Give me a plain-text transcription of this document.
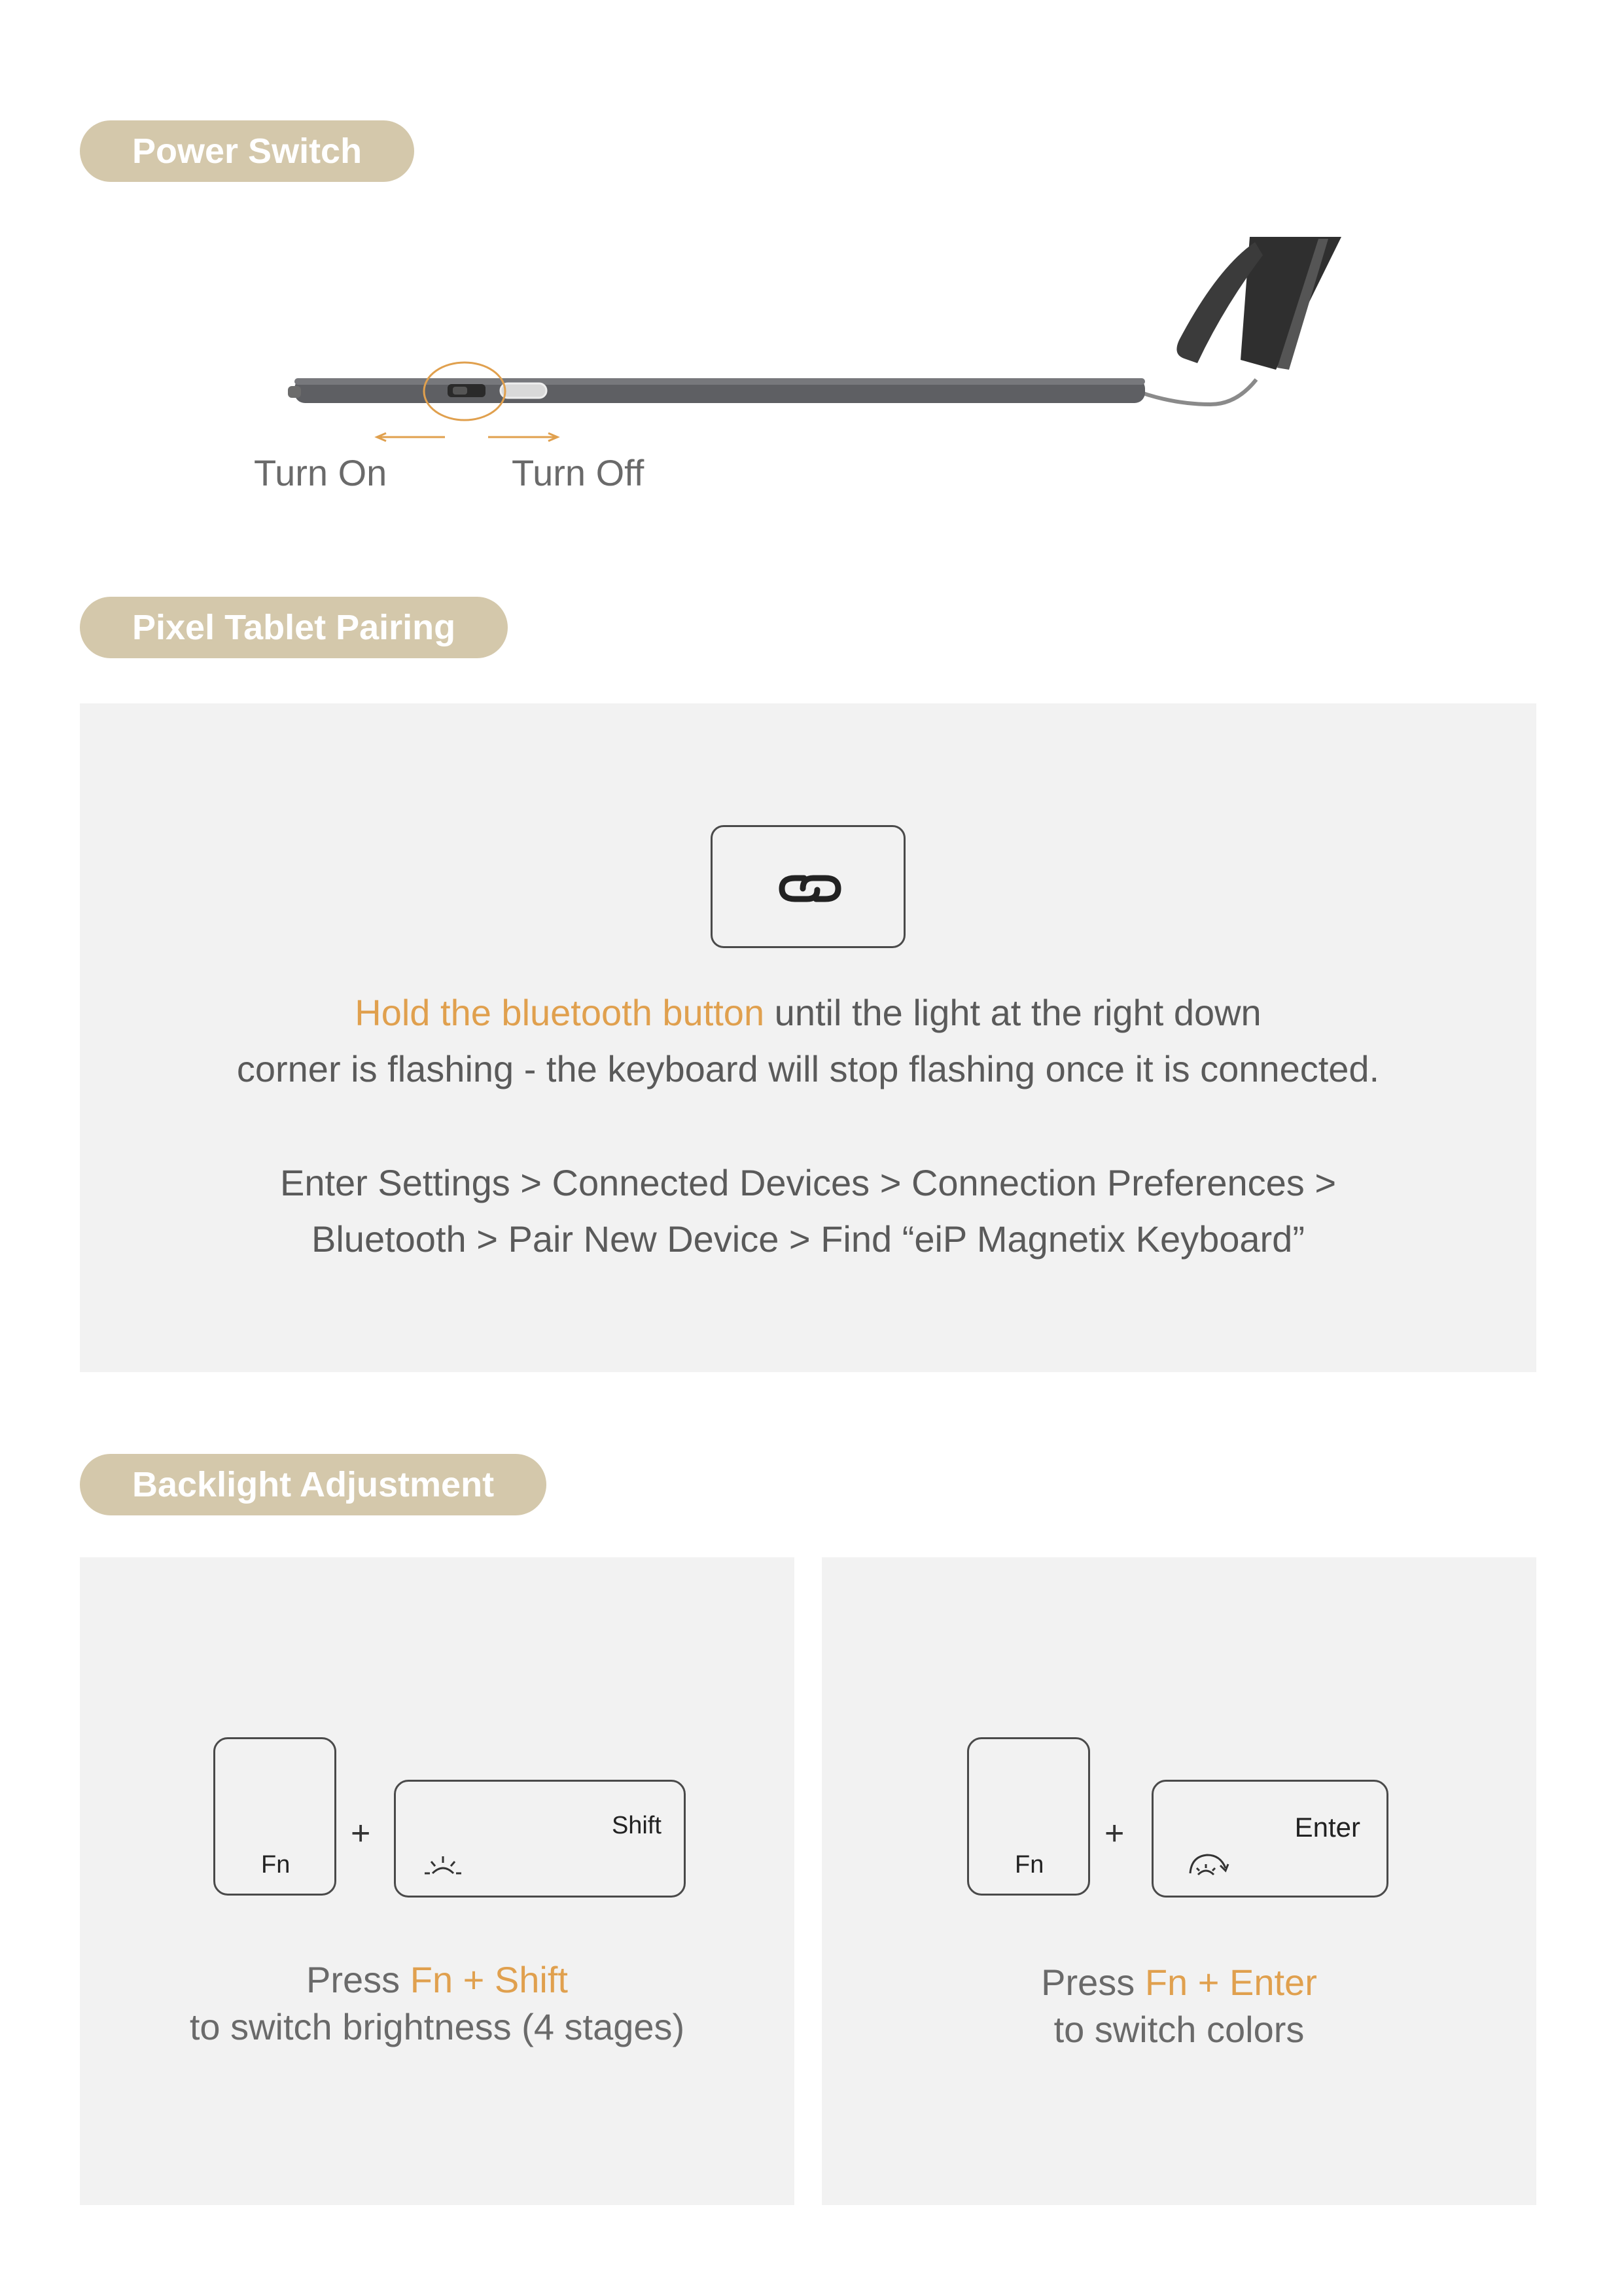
Power Switch
Turn On	Turn Off
Pixel Tablet Pairing
Hold the bluetooth button until the light at the right down
corner is flashing - the keyboard will stop flashing once it is connected.
Enter Settings > Connected Devices > Connection Preferences >
Bluetooth > Pair New Device > Find “eiP Magnetix Keyboard”
Backlight Adjustment
Fn
+	Shift
Press Fn + Shift
to switch brightness (4 stages)
Fn
+	Enter
Press Fn + Enter
to switch colors
